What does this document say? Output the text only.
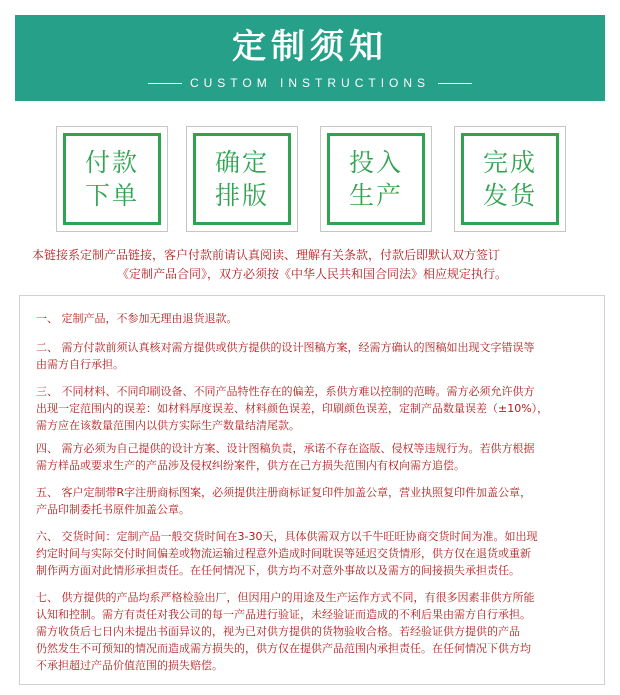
定制须知
CUSTOM INSTRUCTIONS
付款
下单
确定
排版
投入
生产
完成
发货
本链接系定制产品链接，客户付款前请认真阅读、理解有关条款，付款后即默认双方签订
《定制产品合同》，双方必须按《中华人民共和国合同法》相应规定执行。
一、 定制产品，不参加无理由退货退款。
二、 需方付款前须认真核对需方提供或供方提供的设计图稿方案，经需方确认的图稿如出现文字错误等
由需方自行承担。
三、 不同材料、不同印刷设备、不同产品特性存在的偏差，系供方难以控制的范畴。需方必须允许供方
出现一定范围内的误差：如材料厚度误差、材料颜色误差，印刷颜色误差，定制产品数量误差（±10%），
需方应在该数量范围内以供方实际生产数量结清尾款。
四、 需方必须为自己提供的设计方案、设计图稿负责，承诺不存在盗版、侵权等违规行为。若供方根据
需方样品或要求生产的产品涉及侵权纠纷案件，供方在己方损失范围内有权向需方追偿。
五、 客户定制带R字注册商标图案，必须提供注册商标证复印件加盖公章，营业执照复印件加盖公章，
产品印制委托书原件加盖公章。
六、 交货时间：定制产品一般交货时间在3-30天，具体供需双方以千牛旺旺协商交货时间为准。如出现
约定时间与实际交付时间偏差或物流运输过程意外造成时间耽误等延迟交货情形，供方仅在退货或重新
制作两方面对此情形承担责任。在任何情况下，供方均不对意外事故以及需方的间接损失承担责任。
七、 供方提供的产品均系严格检验出厂，但因用户的用途及生产运作方式不同，有很多因素非供方所能
认知和控制。需方有责任对我公司的每一产品进行验证，未经验证而造成的不利后果由需方自行承担。
需方收货后七日内未提出书面异议的，视为已对供方提供的货物验收合格。若经验证供方提供的产品
仍然发生不可预知的情况而造成需方损失的，供方仅在提供产品范围内承担责任。在任何情况下供方均
不承担超过产品价值范围的损失赔偿。
